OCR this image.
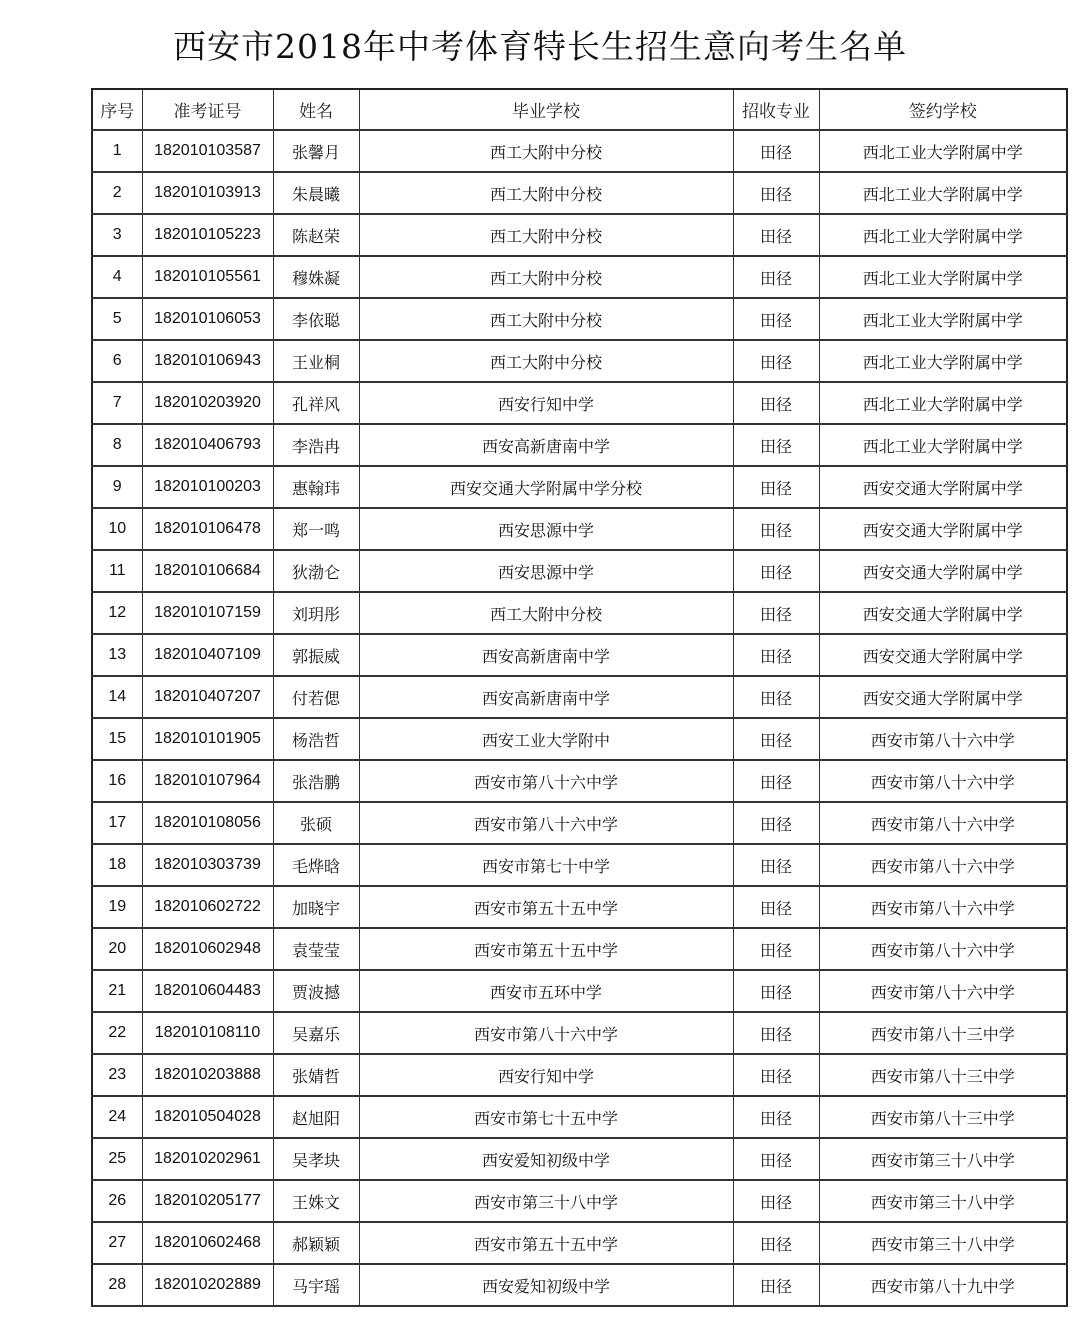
西安市2018年中考体育特长生招生意向考生名单
序号	准考证号	姓名	毕业学校	招收专业	签约学校
1	182010103587	张馨月	西工大附中分校	田径	西北工业大学附属中学
2	182010103913	朱晨曦	西工大附中分校	田径	西北工业大学附属中学
3	182010105223	陈赵荣	西工大附中分校	田径	西北工业大学附属中学
4	182010105561	穆姝凝	西工大附中分校	田径	西北工业大学附属中学
5	182010106053	李依聪	西工大附中分校	田径	西北工业大学附属中学
6	182010106943	王业桐	西工大附中分校	田径	西北工业大学附属中学
7	182010203920	孔祥风	西安行知中学	田径	西北工业大学附属中学
8	182010406793	李浩冉	西安高新唐南中学	田径	西北工业大学附属中学
9	182010100203	惠翰玮	西安交通大学附属中学分校	田径	西安交通大学附属中学
10	182010106478	郑一鸣	西安思源中学	田径	西安交通大学附属中学
11	182010106684	狄渤仑	西安思源中学	田径	西安交通大学附属中学
12	182010107159	刘玥彤	西工大附中分校	田径	西安交通大学附属中学
13	182010407109	郭振威	西安高新唐南中学	田径	西安交通大学附属中学
14	182010407207	付若偲	西安高新唐南中学	田径	西安交通大学附属中学
15	182010101905	杨浩哲	西安工业大学附中	田径	西安市第八十六中学
16	182010107964	张浩鹏	西安市第八十六中学	田径	西安市第八十六中学
17	182010108056	张硕	西安市第八十六中学	田径	西安市第八十六中学
18	182010303739	毛烨晗	西安市第七十中学	田径	西安市第八十六中学
19	182010602722	加晓宇	西安市第五十五中学	田径	西安市第八十六中学
20	182010602948	袁莹莹	西安市第五十五中学	田径	西安市第八十六中学
21	182010604483	贾波撼	西安市五环中学	田径	西安市第八十六中学
22	182010108110	吴嘉乐	西安市第八十六中学	田径	西安市第八十三中学
23	182010203888	张婧哲	西安行知中学	田径	西安市第八十三中学
24	182010504028	赵旭阳	西安市第七十五中学	田径	西安市第八十三中学
25	182010202961	吴孝块	西安爱知初级中学	田径	西安市第三十八中学
26	182010205177	王姝文	西安市第三十八中学	田径	西安市第三十八中学
27	182010602468	郝颖颖	西安市第五十五中学	田径	西安市第三十八中学
28	182010202889	马宇瑶	西安爱知初级中学	田径	西安市第八十九中学
